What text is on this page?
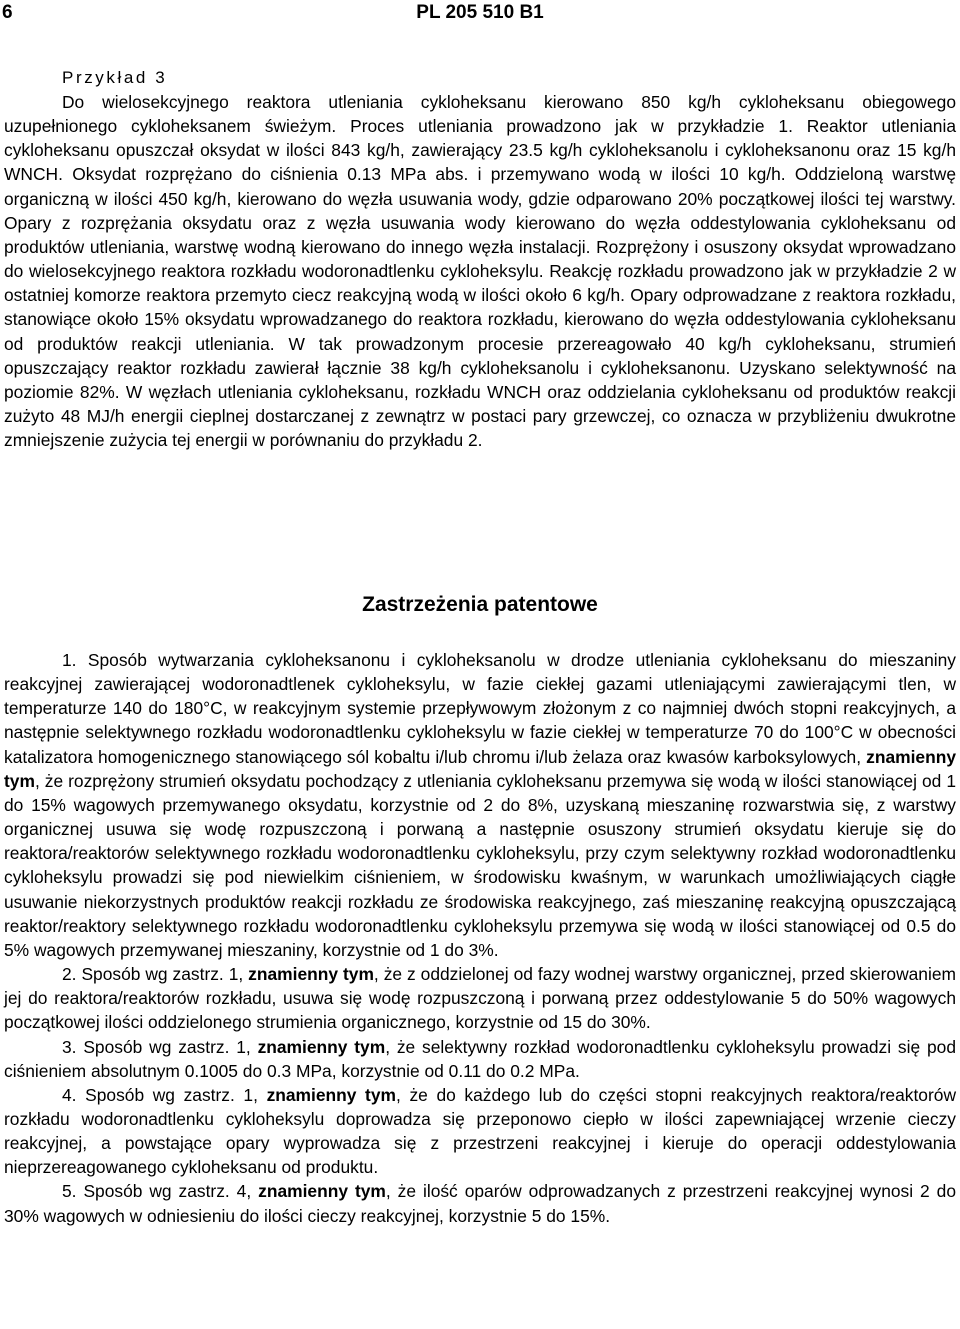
6	PL 205 510 B1
Przykład 3

Do wielosekcyjnego reaktora utleniania cykloheksanu kierowano 850 kg/h cykloheksanu obiegowego uzupełnionego cykloheksanem świeżym. Proces utleniania prowadzono jak w przykładzie 1. Reaktor utleniania cykloheksanu opuszczał oksydat w ilości 843 kg/h, zawierający 23.5 kg/h cykloheksanolu i cykloheksanonu oraz 15 kg/h WNCH. Oksydat rozprężano do ciśnienia 0.13 MPa abs. i przemywano wodą w ilości 10 kg/h. Oddzieloną warstwę organiczną w ilości 450 kg/h, kierowano do węzła usuwania wody, gdzie odparowano 20% początkowej ilości tej warstwy. Opary z rozprężania oksydatu oraz z węzła usuwania wody kierowano do węzła oddestylowania cykloheksanu od produktów utleniania, warstwę wodną kierowano do innego węzła instalacji. Rozprężony i osuszony oksydat wprowadzano do wielosekcyjnego reaktora rozkładu wodoronadtlenku cykloheksylu. Reakcję rozkładu prowadzono jak w przykładzie 2 w ostatniej komorze reaktora przemyto ciecz reakcyjną wodą w ilości około 6 kg/h. Opary odprowadzane z reaktora rozkładu, stanowiące około 15% oksydatu wprowadzanego do reaktora rozkładu, kierowano do węzła oddestylowania cykloheksanu od produktów reakcji utleniania. W tak prowadzonym procesie przereagowało 40 kg/h cykloheksanu, strumień opuszczający reaktor rozkładu zawierał łącznie 38 kg/h cykloheksanolu i cykloheksanonu. Uzyskano selektywność na poziomie 82%. W węzłach utleniania cykloheksanu, rozkładu WNCH oraz oddzielania cykloheksanu od produktów reakcji zużyto 48 MJ/h energii cieplnej dostarczanej z zewnątrz w postaci pary grzewczej, co oznacza w przybliżeniu dwukrotne zmniejszenie zużycia tej energii w porównaniu do przykładu 2.

Zastrzeżenia patentowe

1. Sposób wytwarzania cykloheksanonu i cykloheksanolu w drodze utleniania cykloheksanu do mieszaniny reakcyjnej zawierającej wodoronadtlenek cykloheksylu, w fazie ciekłej gazami utleniającymi zawierającymi tlen, w temperaturze 140 do 180°C, w reakcyjnym systemie przepływowym złożonym z co najmniej dwóch stopni reakcyjnych, a następnie selektywnego rozkładu wodoronadtlenku cykloheksylu w fazie ciekłej w temperaturze 70 do 100°C w obecności katalizatora homogenicznego stanowiącego sól kobaltu i/lub chromu i/lub żelaza oraz kwasów karboksylowych, znamienny tym, że rozprężony strumień oksydatu pochodzący z utleniania cykloheksanu przemywa się wodą w ilości stanowiącej od 1 do 15% wagowych przemywanego oksydatu, korzystnie od 2 do 8%, uzyskaną mieszaninę rozwarstwia się, z warstwy organicznej usuwa się wodę rozpuszczoną i porwaną a następnie osuszony strumień oksydatu kieruje się do reaktora/reaktorów selektywnego rozkładu wodoronadtlenku cykloheksylu, przy czym selektywny rozkład wodoronadtlenku cykloheksylu prowadzi się pod niewielkim ciśnieniem, w środowisku kwaśnym, w warunkach umożliwiających ciągłe usuwanie niekorzystnych produktów reakcji rozkładu ze środowiska reakcyjnego, zaś mieszaninę reakcyjną opuszczającą reaktor/reaktory selektywnego rozkładu wodoronadtlenku cykloheksylu przemywa się wodą w ilości stanowiącej od 0.5 do 5% wagowych przemywanej mieszaniny, korzystnie od 1 do 3%.

2. Sposób wg zastrz. 1, znamienny tym, że z oddzielonej od fazy wodnej warstwy organicznej, przed skierowaniem jej do reaktora/reaktorów rozkładu, usuwa się wodę rozpuszczoną i porwaną przez oddestylowanie 5 do 50% wagowych początkowej ilości oddzielonego strumienia organicznego, korzystnie od 15 do 30%.

3. Sposób wg zastrz. 1, znamienny tym, że selektywny rozkład wodoronadtlenku cykloheksylu prowadzi się pod ciśnieniem absolutnym 0.1005 do 0.3 MPa, korzystnie od 0.11 do 0.2 MPa.

4. Sposób wg zastrz. 1, znamienny tym, że do każdego lub do części stopni reakcyjnych reaktora/reaktorów rozkładu wodoronadtlenku cykloheksylu doprowadza się przeponowo ciepło w ilości zapewniającej wrzenie cieczy reakcyjnej, a powstające opary wyprowadza się z przestrzeni reakcyjnej i kieruje do operacji oddestylowania nieprzereagowanego cykloheksanu od produktu.

5. Sposób wg zastrz. 4, znamienny tym, że ilość oparów odprowadzanych z przestrzeni reakcyjnej wynosi 2 do 30% wagowych w odniesieniu do ilości cieczy reakcyjnej, korzystnie 5 do 15%.
